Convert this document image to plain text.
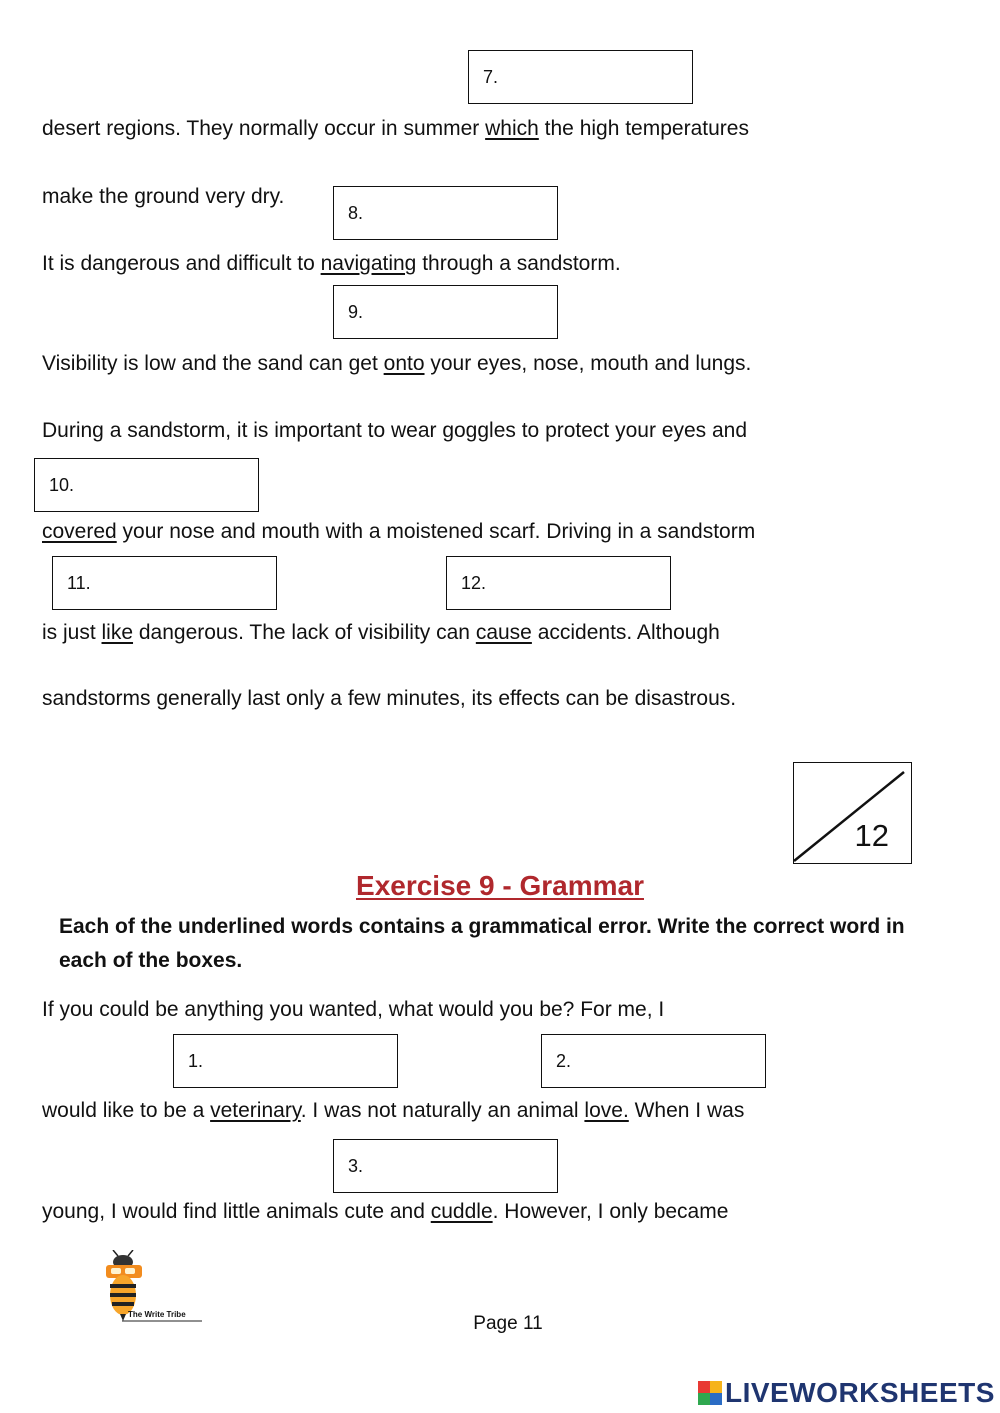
7.

desert regions. They normally occur in summer which the high temperatures

make the ground very dry.

8.

It is dangerous and difficult to navigating through a sandstorm.

9.

Visibility is low and the sand can get onto your eyes, nose, mouth and lungs.

During a sandstorm, it is important to wear goggles to protect your eyes and

10.

covered your nose and mouth with a moistened scarf. Driving in a sandstorm

11.	12.

is just like dangerous. The lack of visibility can cause accidents. Although

sandstorms generally last only a few minutes, its effects can be disastrous.

12

Exercise 9 - Grammar

Each of the underlined words contains a grammatical error. Write the correct word in each of the boxes.

If you could be anything you wanted, what would you be? For me, I

1.	2.

would like to be a veterinary. I was not naturally an animal love. When I was

3.

young, I would find little animals cute and cuddle. However, I only became

The Write Tribe	Page 11
LIVEWORKSHEETS
